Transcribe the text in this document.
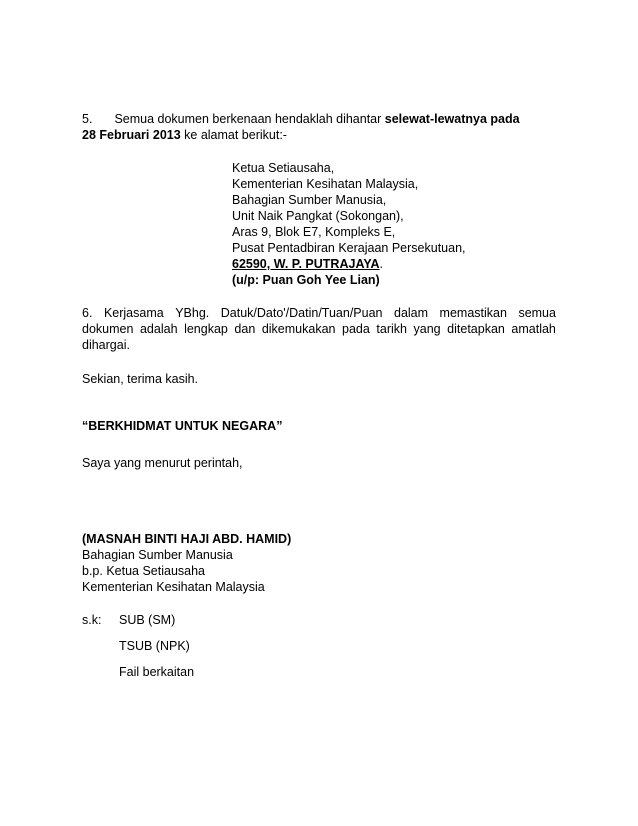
5. Semua dokumen berkenaan hendaklah dihantar selewat-lewatnya pada
28 Februari 2013 ke alamat berikut:-
Ketua Setiausaha,
Kementerian Kesihatan Malaysia,
Bahagian Sumber Manusia,
Unit Naik Pangkat (Sokongan),
Aras 9, Blok E7, Kompleks E,
Pusat Pentadbiran Kerajaan Persekutuan,
62590, W. P. PUTRAJAYA.
(u/p: Puan Goh Yee Lian)
6. Kerjasama YBhg. Datuk/Dato'/Datin/Tuan/Puan dalam memastikan semua
dokumen adalah lengkap dan dikemukakan pada tarikh yang ditetapkan amatlah
dihargai.
Sekian, terima kasih.
“BERKHIDMAT UNTUK NEGARA”
Saya yang menurut perintah,
(MASNAH BINTI HAJI ABD. HAMID)
Bahagian Sumber Manusia
b.p. Ketua Setiausaha
Kementerian Kesihatan Malaysia
s.k: SUB (SM)
TSUB (NPK)
Fail berkaitan
